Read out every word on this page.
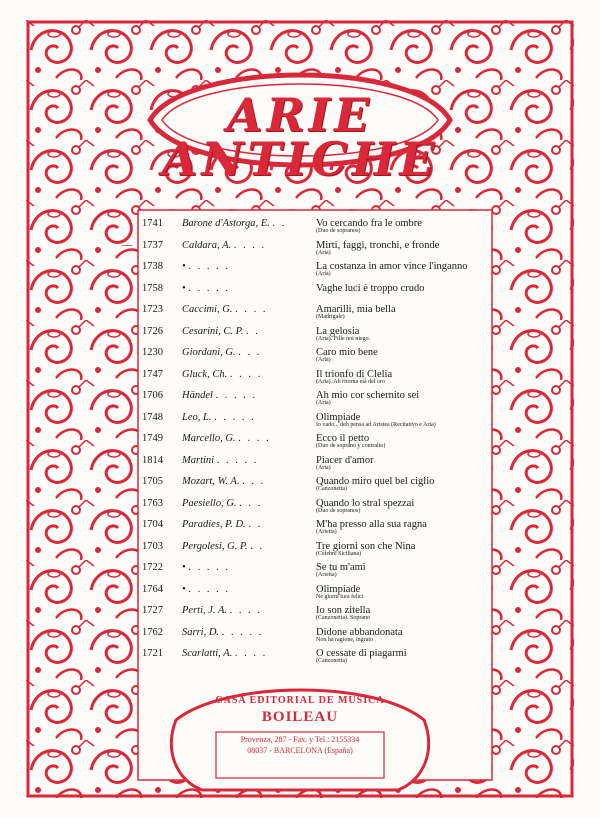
ARIE
ANTICHE
1741	Barone d'Astorga, E. . .	Vo cercando fra le ombre
(Duo de sopranos)
— 1737	Caldara, A. . . . .	Mirti, faggi, tronchi, e fronde
(Aria)
1738	• . . . . .	La costanza in amor vince l'inganno
(Aria)
1758	• . . . . .	Vaghe luci è troppo crudo
1723	Caccimi, G. . . . .	Amarilli, mia bella
(Madrigale)
1726	Cesarini, C. P. . .	La gelosia
(Aria). Fille noi niego.
1230	Giordani, G. . . .	Caro mio bene
(Aria)
1747	Gluck, Ch. . . . .	Il trionfo di Clelia
(Aria). Ah ritorna età del oro
1706	Händel . . . . .	Ah mio cor schernito sei
(Aria)
1748	Leo, L. . . . . .	Olimpiade
Io vado... deh pensa ad Aristea (Recitativo e Aria)
1749	Marcello, G. . . . .	Ecco il petto
(Duo de soprano y contralto)
1814	Martini . . . . .	Piacer d'amor
(Aria)
1705	Mozart, W. A. . . .	Quando miro quel bel ciglio
(Canzonetta)
1763	Paesiello, G. . . .	Quando lo stral spezzai
(Duo de sopranos)
1704	Paradies, P. D. . .	M'ha presso alla sua ragna
(Arietta)
1703	Pergolesi, G. P. . .	Tre giorni son che Nina
(Célebre Siciliana)
1722	• . . . . .	Se tu m'ami
(Arietta)
1764	• . . . . .	Olimpiade
Nè giorni tuoi felici
1727	Perti, J. A. . . . .	Io son zitella
(Canzonetta). Soprano
1762	Sarri, D. . . . . .	Didone abbandonata
Non ha ragione, ingrato
1721	Scarlatti, A. . . . .	O cessate di piagarmi
(Canzonetta)
CASA EDITORIAL DE MUSICA
BOILEAU
Provenza, 287 - Fax. y Tel.: 2155334
08037 - BARCELONA (España)
